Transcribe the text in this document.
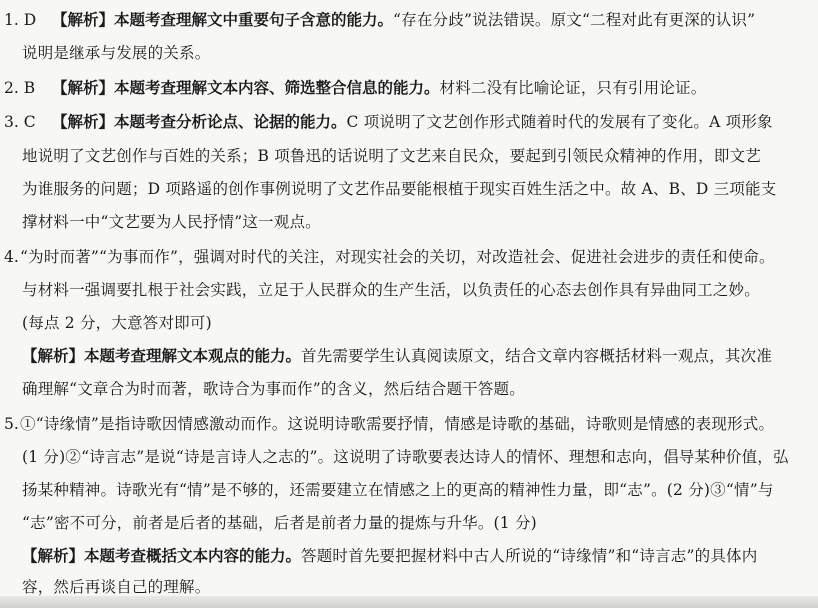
1. D 【解析】本题考查理解文中重要句子含意的能力。“存在分歧”说法错误。原文“二程对此有更深的认识”
说明是继承与发展的关系。
2. B 【解析】本题考查理解文本内容、筛选整合信息的能力。材料二没有比喻论证，只有引用论证。
3. C 【解析】本题考查分析论点、论据的能力。C 项说明了文艺创作形式随着时代的发展有了变化。A 项形象
地说明了文艺创作与百姓的关系；B 项鲁迅的话说明了文艺来自民众，要起到引领民众精神的作用，即文艺
为谁服务的问题；D 项路遥的创作事例说明了文艺作品要能根植于现实百姓生活之中。故 A、B、D 三项能支
撑材料一中“文艺要为人民抒情”这一观点。
4. “为时而著”“为事而作”，强调对时代的关注，对现实社会的关切，对改造社会、促进社会进步的责任和使命。
与材料一强调要扎根于社会实践，立足于人民群众的生产生活，以负责任的心态去创作具有异曲同工之妙。
(每点 2 分，大意答对即可)
【解析】本题考查理解文本观点的能力。首先需要学生认真阅读原文，结合文章内容概括材料一观点，其次准
确理解“文章合为时而著，歌诗合为事而作”的含义，然后结合题干答题。
5. ①“诗缘情”是指诗歌因情感激动而作。这说明诗歌需要抒情，情感是诗歌的基础，诗歌则是情感的表现形式。
(1 分)②“诗言志”是说“诗是言诗人之志的”。这说明了诗歌要表达诗人的情怀、理想和志向，倡导某种价值，弘
扬某种精神。诗歌光有“情”是不够的，还需要建立在情感之上的更高的精神性力量，即“志”。(2 分)③“情”与
“志”密不可分，前者是后者的基础，后者是前者力量的提炼与升华。(1 分)
【解析】本题考查概括文本内容的能力。答题时首先要把握材料中古人所说的“诗缘情”和“诗言志”的具体内
容，然后再谈自己的理解。
